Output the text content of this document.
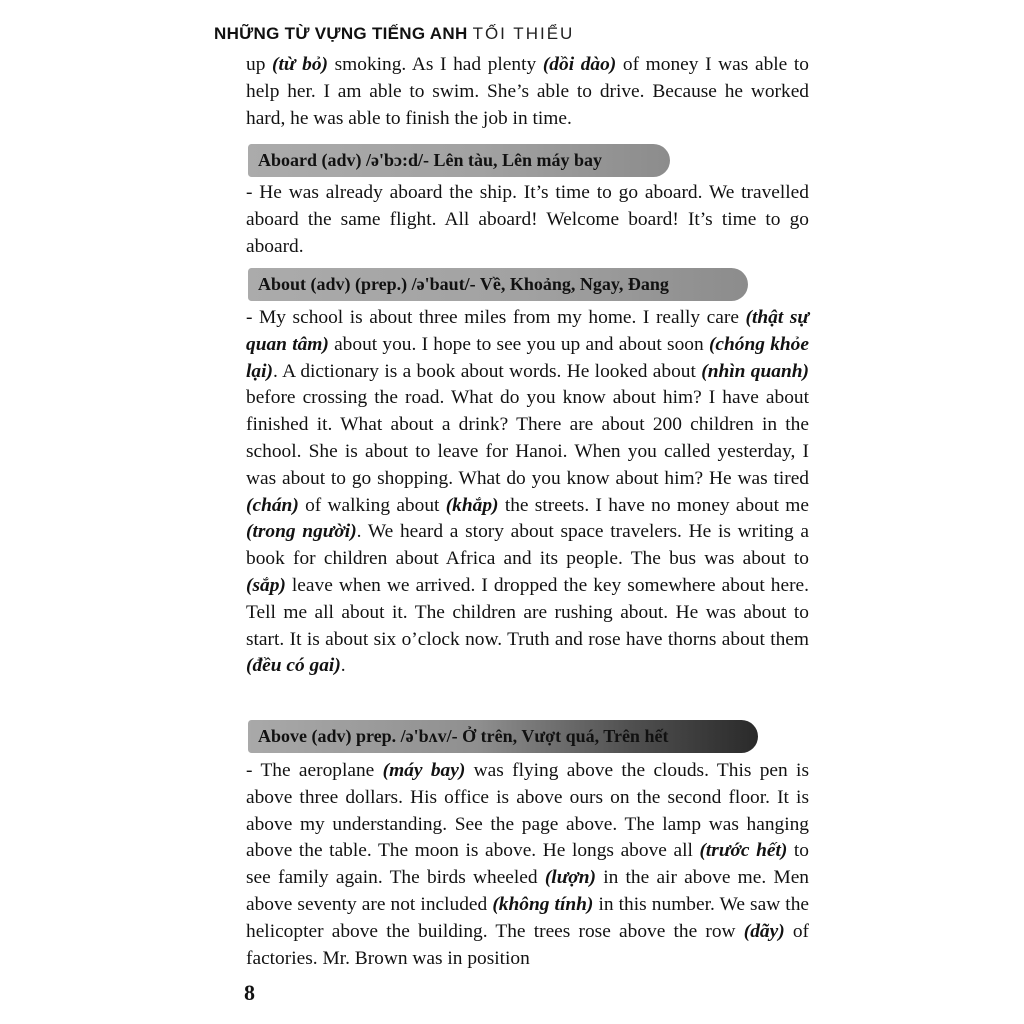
NHỮNG TỪ VỰNG TIẾNG ANH TỐI THIỂU

up (từ bỏ) smoking. As I had plenty (dồi dào) of money I was able to help her. I am able to swim. She’s able to drive. Because he worked hard, he was able to finish the job in time.

Aboard (adv) /ə'bɔ:d/- Lên tàu, Lên máy bay

- He was already aboard the ship. It’s time to go aboard. We travelled aboard the same flight. All aboard! Welcome board! It’s time to go aboard.

About (adv) (prep.) /ə'baut/- Về, Khoảng, Ngay, Đang

- My school is about three miles from my home. I really care (thật sự quan tâm) about you. I hope to see you up and about soon (chóng khỏe lại). A dictionary is a book about words. He looked about (nhìn quanh) before crossing the road. What do you know about him? I have about finished it. What about a drink? There are about 200 children in the school. She is about to leave for Hanoi. When you called yesterday, I was about to go shopping. What do you know about him? He was tired (chán) of walking about (khắp) the streets. I have no money about me (trong người). We heard a story about space travelers. He is writing a book for children about Africa and its people. The bus was about to (sắp) leave when we arrived. I dropped the key somewhere about here. Tell me all about it. The children are rushing about. He was about to start. It is about six o’clock now. Truth and rose have thorns about them (đều có gai).

Above (adv) prep. /ə'bʌv/- Ở trên, Vượt quá, Trên hết

- The aeroplane (máy bay) was flying above the clouds. This pen is above three dollars. His office is above ours on the second floor. It is above my understanding. See the page above. The lamp was hanging above the table. The moon is above. He longs above all (trước hết) to see family again. The birds wheeled (lượn) in the air above me. Men above seventy are not included (không tính) in this number. We saw the helicopter above the building. The trees rose above the row (dãy) of factories. Mr. Brown was in position

8
